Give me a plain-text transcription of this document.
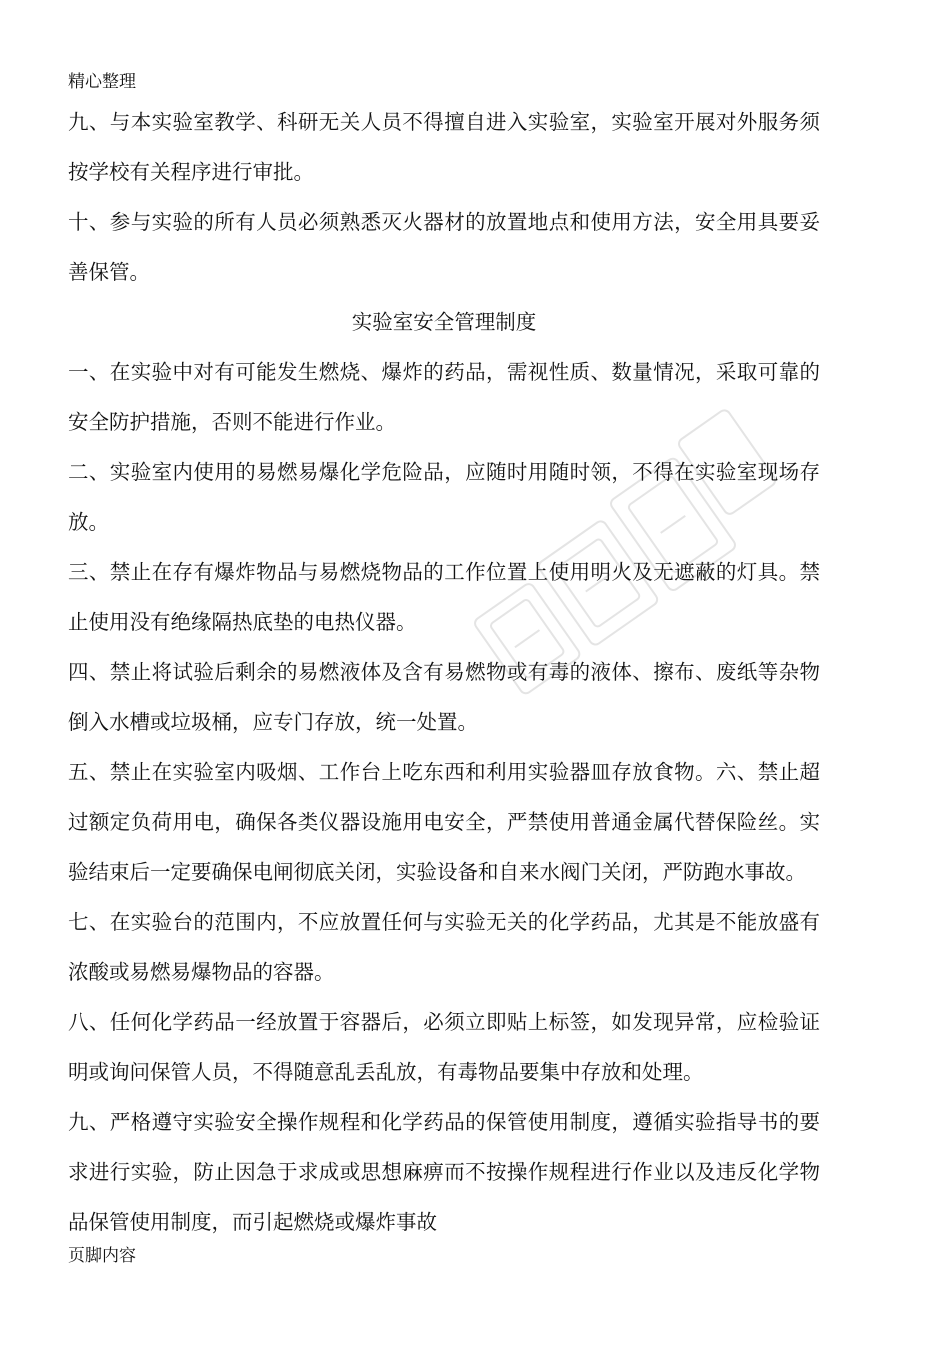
精心整理

九、与本实验室教学、科研无关人员不得擅自进入实验室，实验室开展对外服务须按学校有关程序进行审批。

十、参与实验的所有人员必须熟悉灭火器材的放置地点和使用方法，安全用具要妥善保管。

实验室安全管理制度

一、在实验中对有可能发生燃烧、爆炸的药品，需视性质、数量情况，采取可靠的安全防护措施，否则不能进行作业。

二、实验室内使用的易燃易爆化学危险品，应随时用随时领，不得在实验室现场存放。

三、禁止在存有爆炸物品与易燃烧物品的工作位置上使用明火及无遮蔽的灯具。禁止使用没有绝缘隔热底垫的电热仪器。

四、禁止将试验后剩余的易燃液体及含有易燃物或有毒的液体、擦布、废纸等杂物倒入水槽或垃圾桶，应专门存放，统一处置。

五、禁止在实验室内吸烟、工作台上吃东西和利用实验器皿存放食物。六、禁止超过额定负荷用电，确保各类仪器设施用电安全，严禁使用普通金属代替保险丝。实验结束后一定要确保电闸彻底关闭，实验设备和自来水阀门关闭，严防跑水事故。

七、在实验台的范围内，不应放置任何与实验无关的化学药品，尤其是不能放盛有浓酸或易燃易爆物品的容器。

八、任何化学药品一经放置于容器后，必须立即贴上标签，如发现异常，应检验证明或询问保管人员，不得随意乱丢乱放，有毒物品要集中存放和处理。

九、严格遵守实验安全操作规程和化学药品的保管使用制度，遵循实验指导书的要求进行实验，防止因急于求成或思想麻痹而不按操作规程进行作业以及违反化学物品保管使用制度，而引起燃烧或爆炸事故

页脚内容
